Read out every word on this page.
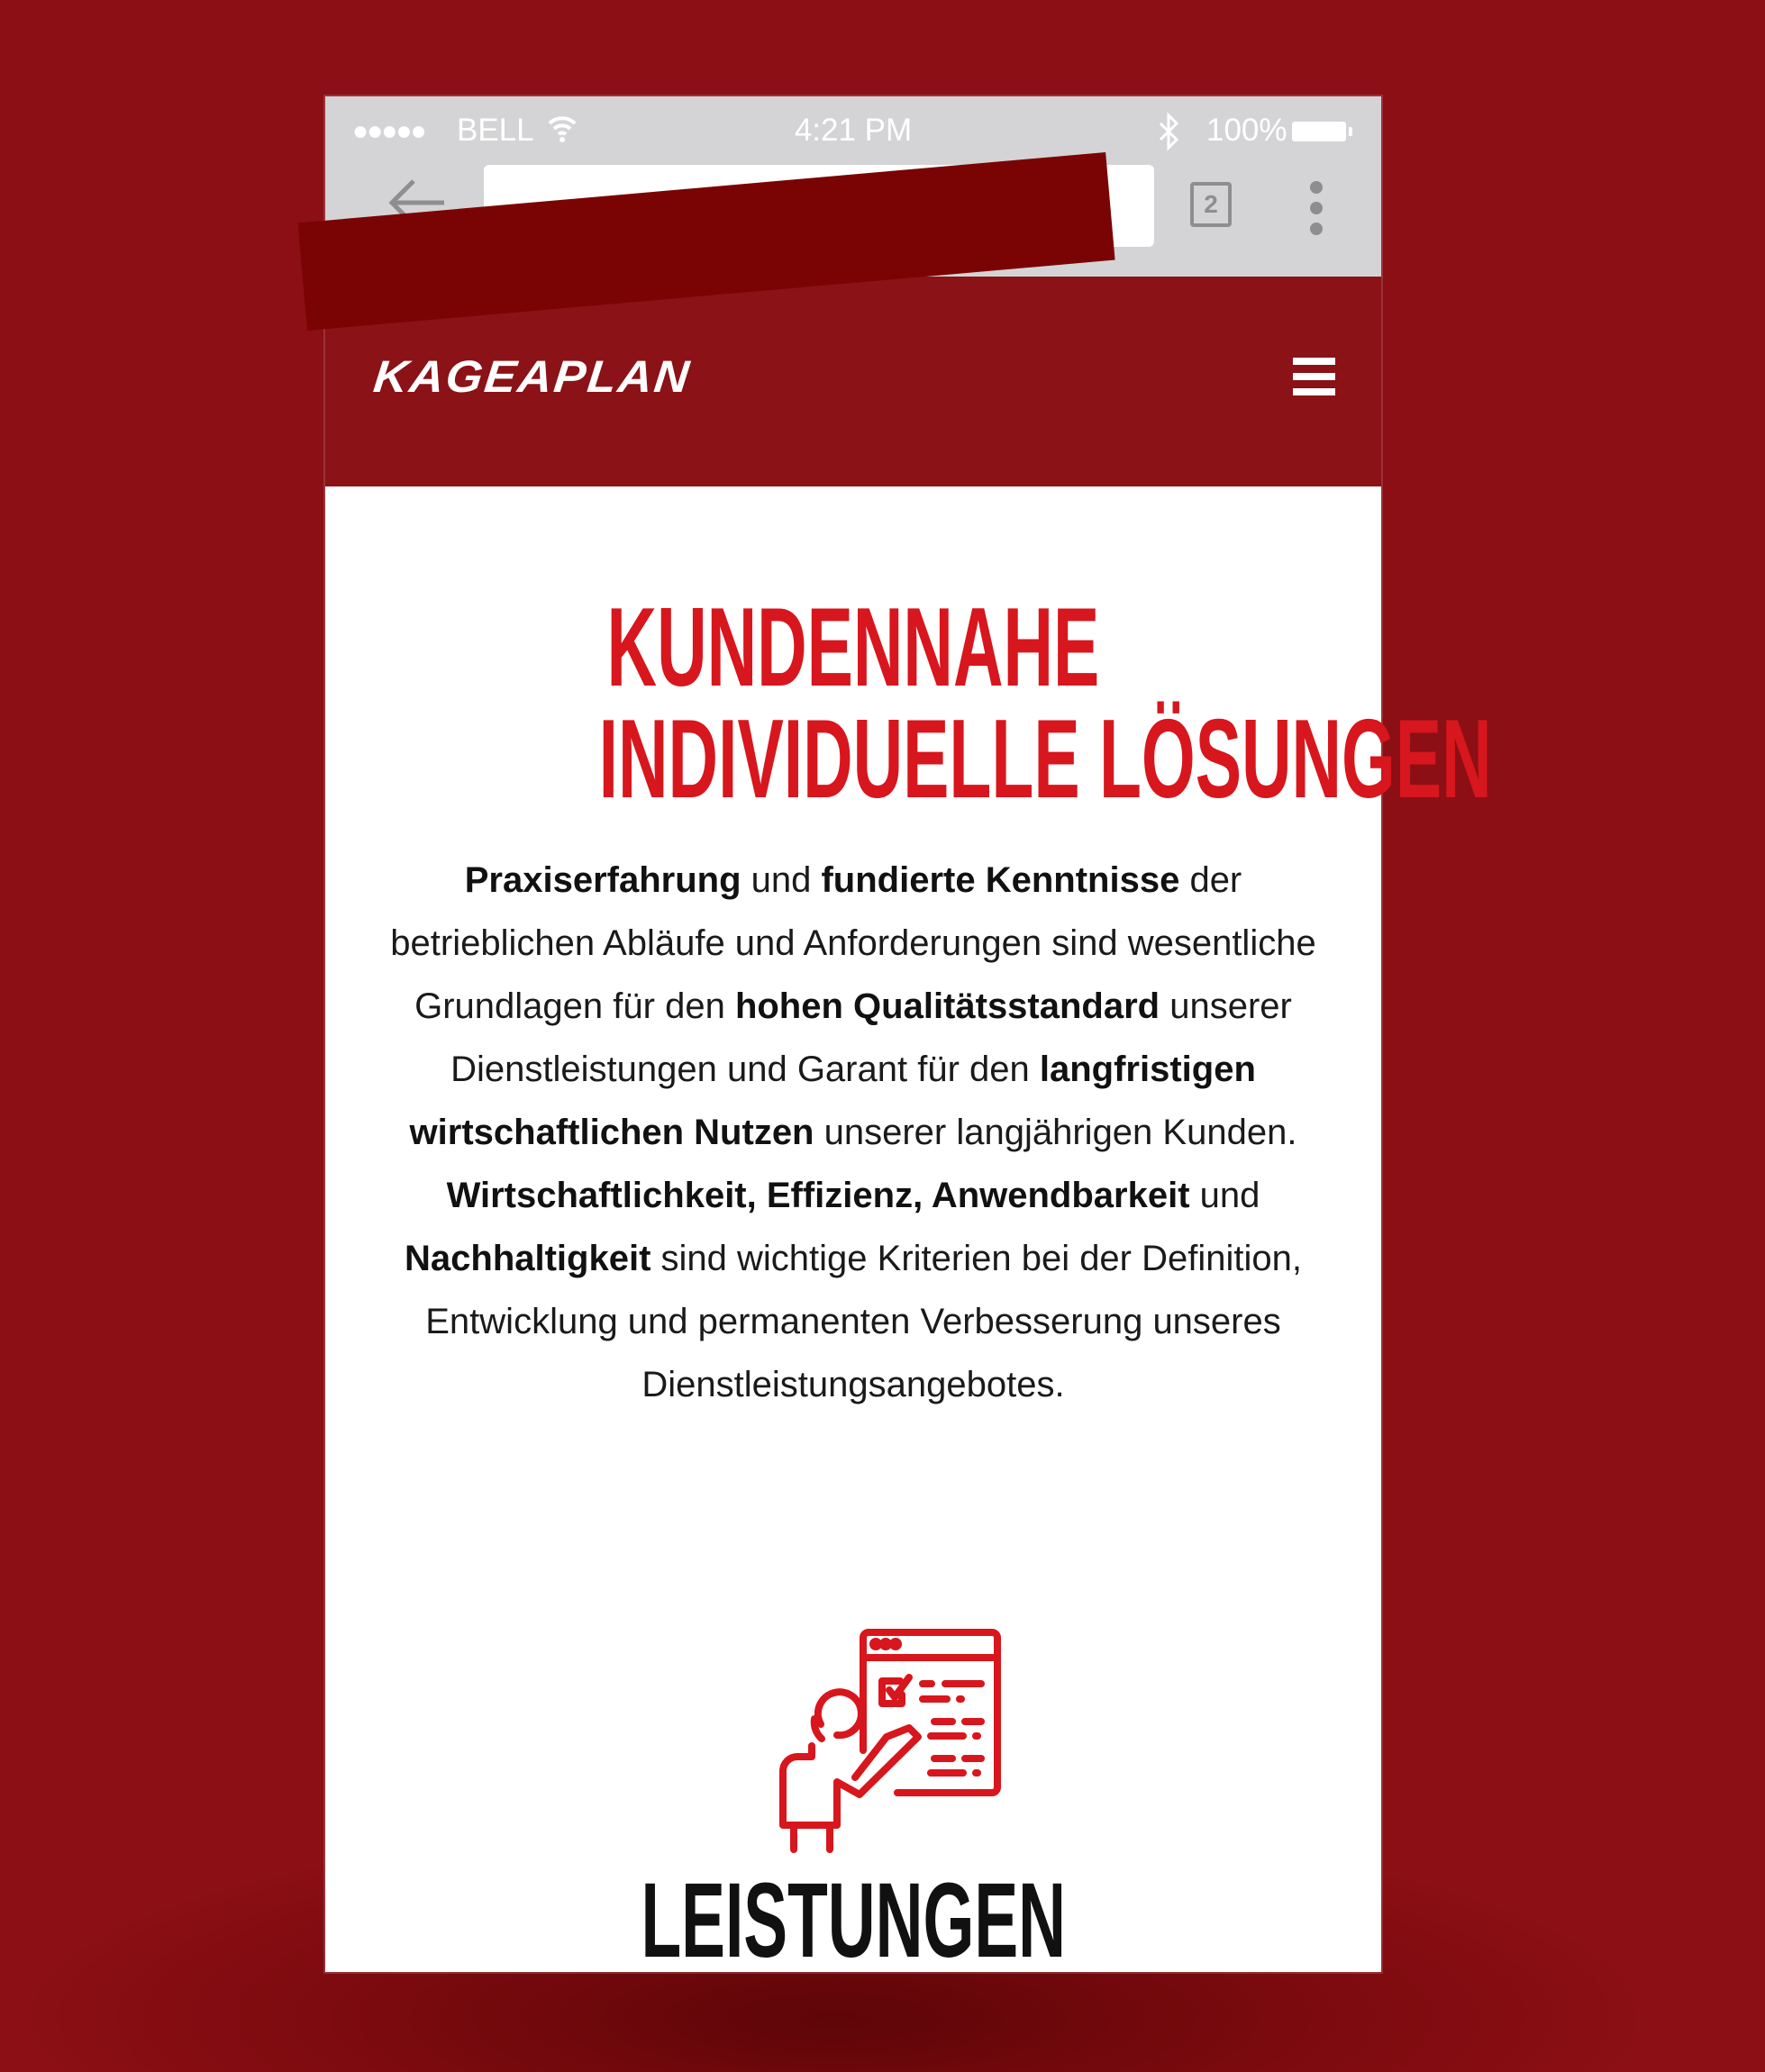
●●●●● BELL	4:21 PM	100%
2
KAGEAPLAN
KUNDENNAHE
INDIVIDUELLE LÖSUNGEN

Praxiserfahrung und fundierte Kenntnisse der betrieblichen Abläufe und Anforderungen sind wesentliche Grundlagen für den hohen Qualitätsstandard unserer Dienstleistungen und Garant für den langfristigen wirtschaftlichen Nutzen unserer langjährigen Kunden. Wirtschaftlichkeit, Effizienz, Anwendbarkeit und Nachhaltigkeit sind wichtige Kriterien bei der Definition, Entwicklung und permanenten Verbesserung unseres Dienstleistungsangebotes.

LEISTUNGEN
